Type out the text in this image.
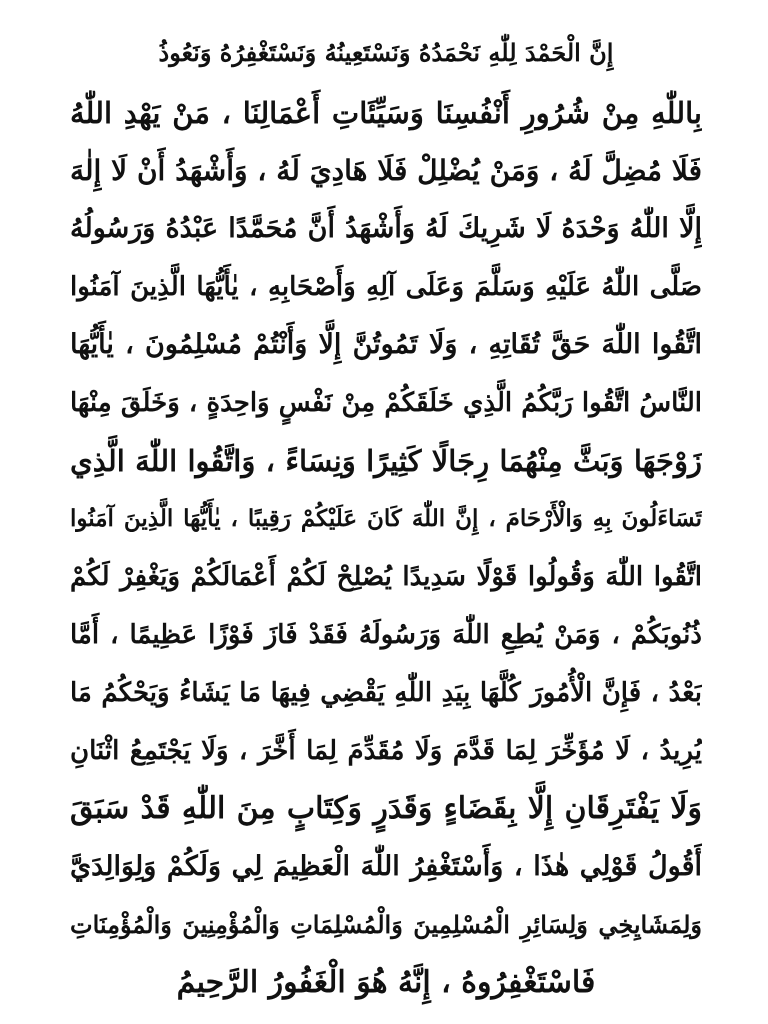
إِنَّ الْحَمْدَ لِلّٰهِ نَحْمَدُهُ وَنَسْتَعِينُهُ وَنَسْتَغْفِرُهُ وَنَعُوذُ
بِاللّٰهِ مِنْ شُرُورِ أَنْفُسِنَا وَسَيِّئَاتِ أَعْمَالِنَا ، مَنْ يَهْدِ اللّٰهُ
فَلَا مُضِلَّ لَهُ ، وَمَنْ يُضْلِلْ فَلَا هَادِيَ لَهُ ، وَأَشْهَدُ أَنْ لَا إِلٰهَ
إِلَّا اللّٰهُ وَحْدَهُ لَا شَرِيكَ لَهُ وَأَشْهَدُ أَنَّ مُحَمَّدًا عَبْدُهُ وَرَسُولُهُ
صَلَّى اللّٰهُ عَلَيْهِ وَسَلَّمَ وَعَلَى آلِهِ وَأَصْحَابِهِ ، يٰأَيُّهَا الَّذِينَ آمَنُوا
اتَّقُوا اللّٰهَ حَقَّ تُقَاتِهِ ، وَلَا تَمُوتُنَّ إِلَّا وَأَنْتُمْ مُسْلِمُونَ ، يٰأَيُّهَا
النَّاسُ اتَّقُوا رَبَّكُمُ الَّذِي خَلَقَكُمْ مِنْ نَفْسٍ وَاحِدَةٍ ، وَخَلَقَ مِنْهَا
زَوْجَهَا وَبَثَّ مِنْهُمَا رِجَالًا كَثِيرًا وَنِسَاءً ، وَاتَّقُوا اللّٰهَ الَّذِي
تَسَاءَلُونَ بِهِ وَالْأَرْحَامَ ، إِنَّ اللّٰهَ كَانَ عَلَيْكُمْ رَقِيبًا ، يٰأَيُّهَا الَّذِينَ آمَنُوا
اتَّقُوا اللّٰهَ وَقُولُوا قَوْلًا سَدِيدًا يُصْلِحْ لَكُمْ أَعْمَالَكُمْ وَيَغْفِرْ لَكُمْ
ذُنُوبَكُمْ ، وَمَنْ يُطِعِ اللّٰهَ وَرَسُولَهُ فَقَدْ فَازَ فَوْزًا عَظِيمًا ، أَمَّا
بَعْدُ ، فَإِنَّ الْأُمُورَ كُلَّهَا بِيَدِ اللّٰهِ يَقْضِي فِيهَا مَا يَشَاءُ وَيَحْكُمُ مَا
يُرِيدُ ، لَا مُؤَخِّرَ لِمَا قَدَّمَ وَلَا مُقَدِّمَ لِمَا أَخَّرَ ، وَلَا يَجْتَمِعُ اثْنَانِ
وَلَا يَفْتَرِقَانِ إِلَّا بِقَضَاءٍ وَقَدَرٍ وَكِتَابٍ مِنَ اللّٰهِ قَدْ سَبَقَ
أَقُولُ قَوْلِي هٰذَا ، وَأَسْتَغْفِرُ اللّٰهَ الْعَظِيمَ لِي وَلَكُمْ وَلِوَالِدَيَّ
وَلِمَشَايِخِي وَلِسَائِرِ الْمُسْلِمِينَ وَالْمُسْلِمَاتِ وَالْمُؤْمِنِينَ وَالْمُؤْمِنَاتِ
فَاسْتَغْفِرُوهُ ، إِنَّهُ هُوَ الْغَفُورُ الرَّحِيمُ
